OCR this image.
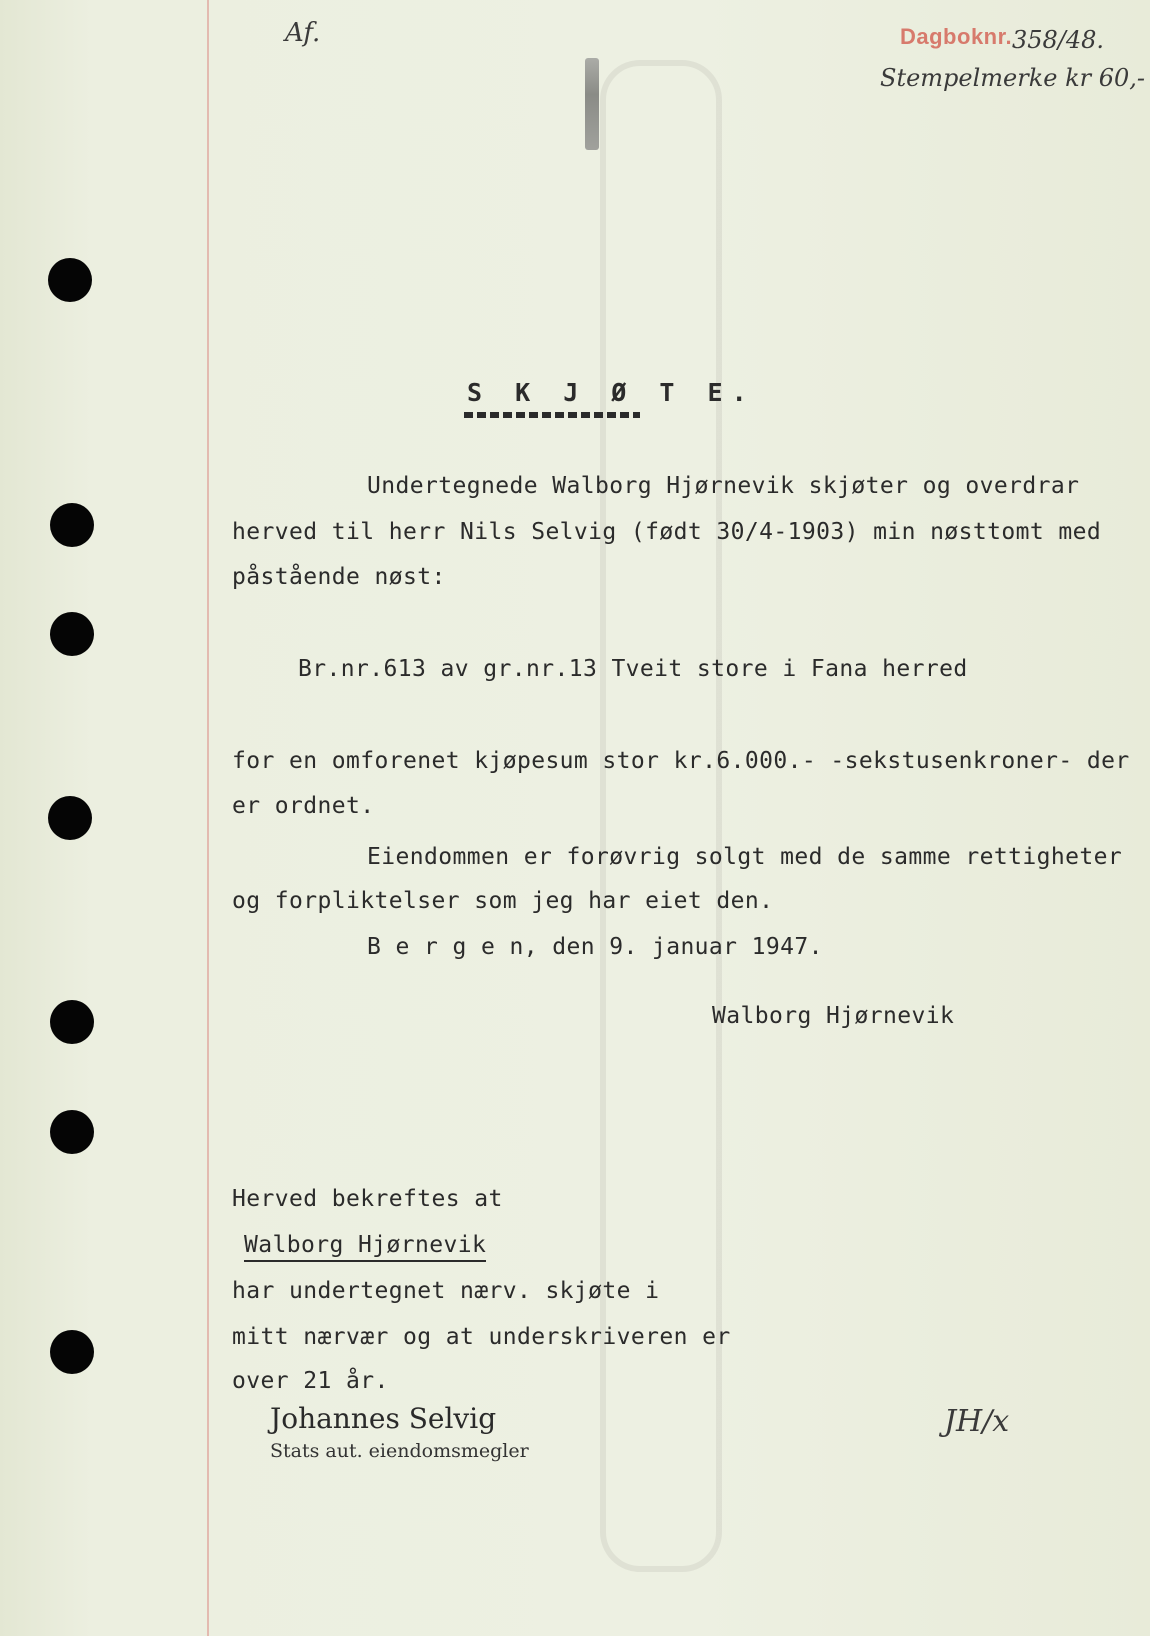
Af.	Dagboknr. 358/48.
Stempelmerke kr 60,-
S K J Ø T E.
Undertegnede Walborg Hjørnevik skjøter og overdrar
herved til herr Nils Selvig (født 30/4-1903) min nøsttomt med
påstående nøst:
Br.nr.613 av gr.nr.13 Tveit store i Fana herred
for en omforenet kjøpesum stor kr.6.000.- -sekstusenkroner- der
er ordnet.
Eiendommen er forøvrig solgt med de samme rettigheter
og forpliktelser som jeg har eiet den.
B e r g e n, den 9. januar 1947.
Walborg Hjørnevik
Herved bekreftes at
Walborg Hjørnevik
har undertegnet nærv. skjøte i
mitt nærvær og at underskriveren er
over 21 år.
Johannes Selvig
Stats aut. eiendomsmegler
JH/x
